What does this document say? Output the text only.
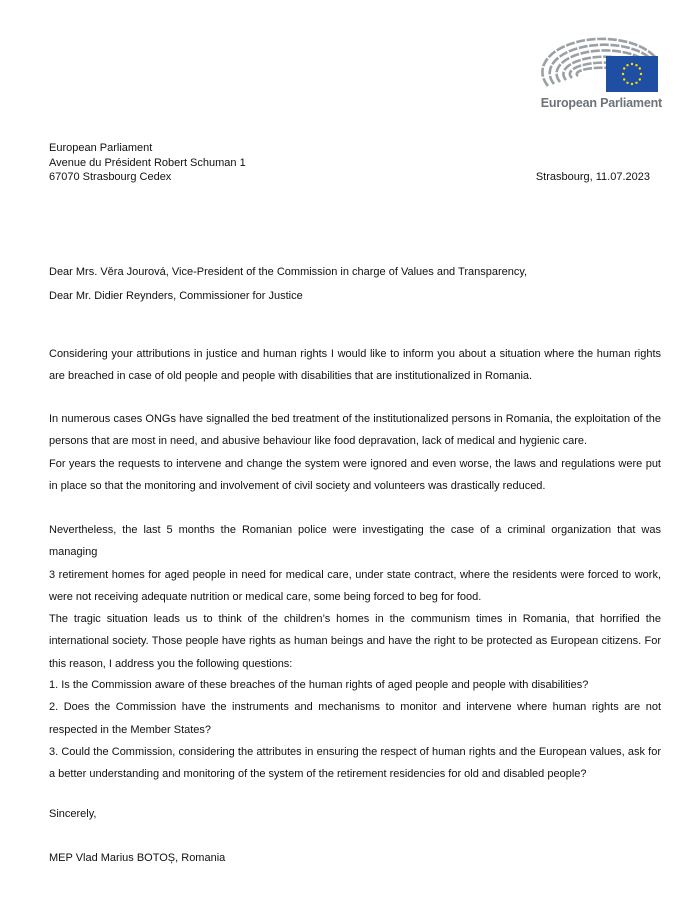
European Parliament
European Parliament
Avenue du Président Robert Schuman 1
67070 Strasbourg Cedex	Strasbourg, 11.07.2023
Dear Mrs. Věra Jourová, Vice-President of the Commission in charge of Values and Transparency,
Dear Mr. Didier Reynders, Commissioner for Justice
Considering your attributions in justice and human rights I would like to inform you about a situation where the human rights
are breached in case of old people and people with disabilities that are institutionalized in Romania.
In numerous cases ONGs have signalled the bed treatment of the institutionalized persons in Romania, the exploitation of the
persons that are most in need, and abusive behaviour like food depravation, lack of medical and hygienic care.
For years the requests to intervene and change the system were ignored and even worse, the laws and regulations were put
in place so that the monitoring and involvement of civil society and volunteers was drastically reduced.
Nevertheless, the last 5 months the Romanian police were investigating the case of a criminal organization that was managing
3 retirement homes for aged people in need for medical care, under state contract, where the residents were forced to work,
were not receiving adequate nutrition or medical care, some being forced to beg for food.
The tragic situation leads us to think of the children’s homes in the communism times in Romania, that horrified the
international society. Those people have rights as human beings and have the right to be protected as European citizens. For
this reason, I address you the following questions:
1. Is the Commission aware of these breaches of the human rights of aged people and people with disabilities?
2. Does the Commission have the instruments and mechanisms to monitor and intervene where human rights are not
respected in the Member States?
3. Could the Commission, considering the attributes in ensuring the respect of human rights and the European values, ask for
a better understanding and monitoring of the system of the retirement residencies for old and disabled people?
Sincerely,
MEP Vlad Marius BOTOȘ, Romania
